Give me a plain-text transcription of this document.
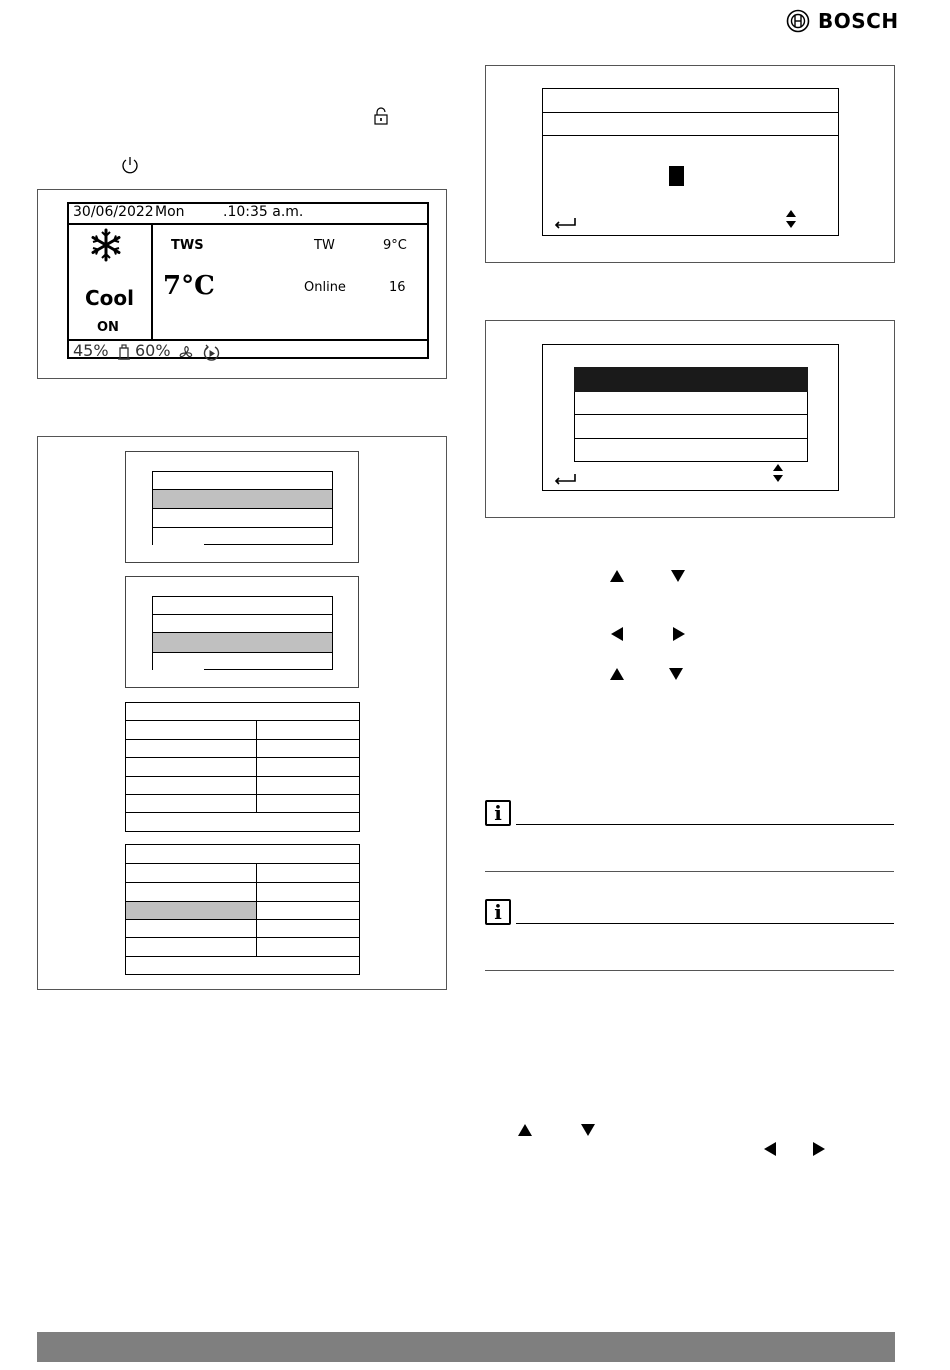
BOSCH
30/06/2022 Mon	.10:35 a.m.
Cool
ON
TWS	TW	9°C
7°C	Online	16
45% 60%
i
i
